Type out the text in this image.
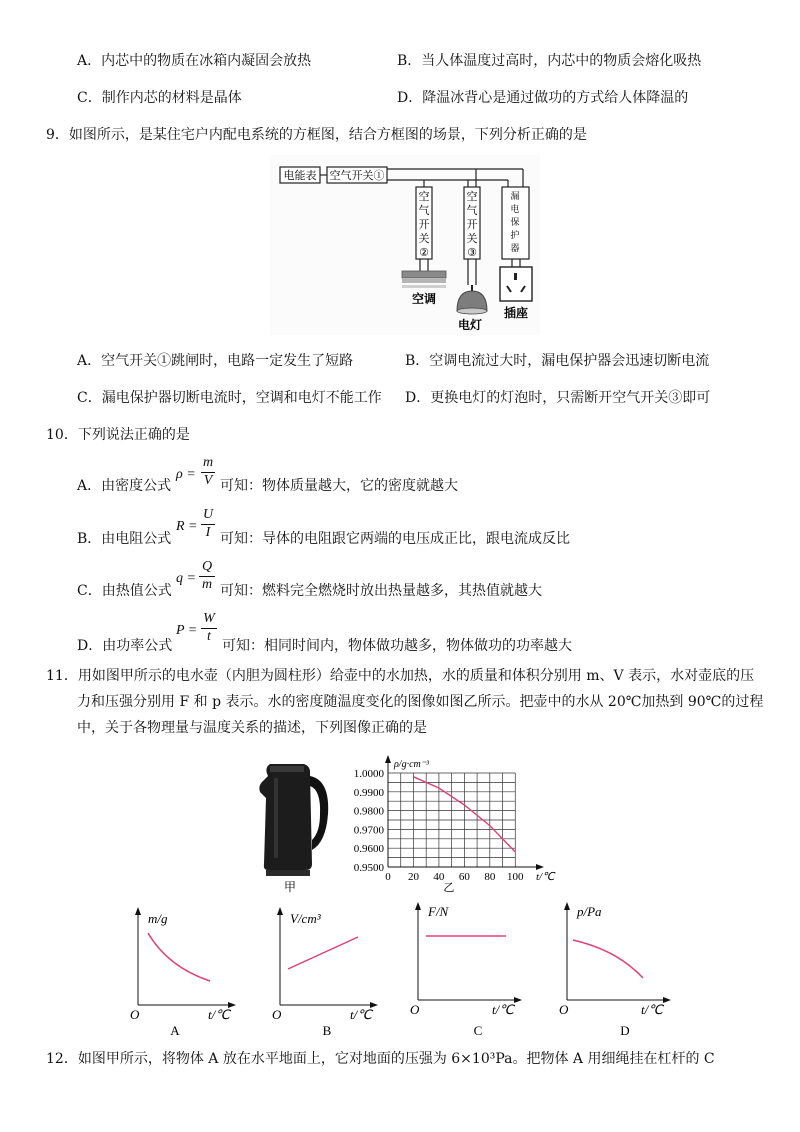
A．内芯中的物质在冰箱内凝固会放热	B．当人体温度过高时，内芯中的物质会熔化吸热
C．制作内芯的材料是晶体	D．降温冰背心是通过做功的方式给人体降温的
9．如图所示，是某住宅户内配电系统的方框图，结合方框图的场景，下列分析正确的是
电能表 空气开关①
空
气
开
关
②
空
气
开
关
③
漏
电
保
护
器
空调
电灯
插座
A．空气开关①跳闸时，电路一定发生了短路	B．空调电流过大时，漏电保护器会迅速切断电流
C．漏电保护器切断电流时，空调和电灯不能工作 D．更换电灯的灯泡时，只需断开空气开关③即可
10．下列说法正确的是
A．由密度公式
ρ =
m
V 可知：物体质量越大，它的密度就越大
B．由电阻公式
R =
U
I 可知：导体的电阻跟它两端的电压成正比，跟电流成反比
C．由热值公式
q =
Q
m 可知：燃料完全燃烧时放出热量越多，其热值就越大
D．由功率公式
P =
W
t
可知：相同时间内，物体做功越多，物体做功的功率越大
11．用如图甲所示的电水壶（内胆为圆柱形）给壶中的水加热，水的质量和体积分别用 m、V 表示，水对壶底的压
力和压强分别用 F 和 p 表示。水的密度随温度变化的图像如图乙所示。把壶中的水从 20℃加热到 90℃的过程
中，关于各物理量与温度关系的描述，下列图像正确的是
甲
0.9500
0.9600
0.9700
0.9800
0.9900
1.0000
0 20 40 60 80 100
ρ/g·cm⁻³
t/℃
乙
m/g
O	t/℃
A
V/cm³
O	t/℃
B
F/N
O	t/℃
C
p/Pa
O	t/℃
D
12．如图甲所示，将物体 A 放在水平地面上，它对地面的压强为 6×10³Pa。把物体 A 用细绳挂在杠杆的 C
